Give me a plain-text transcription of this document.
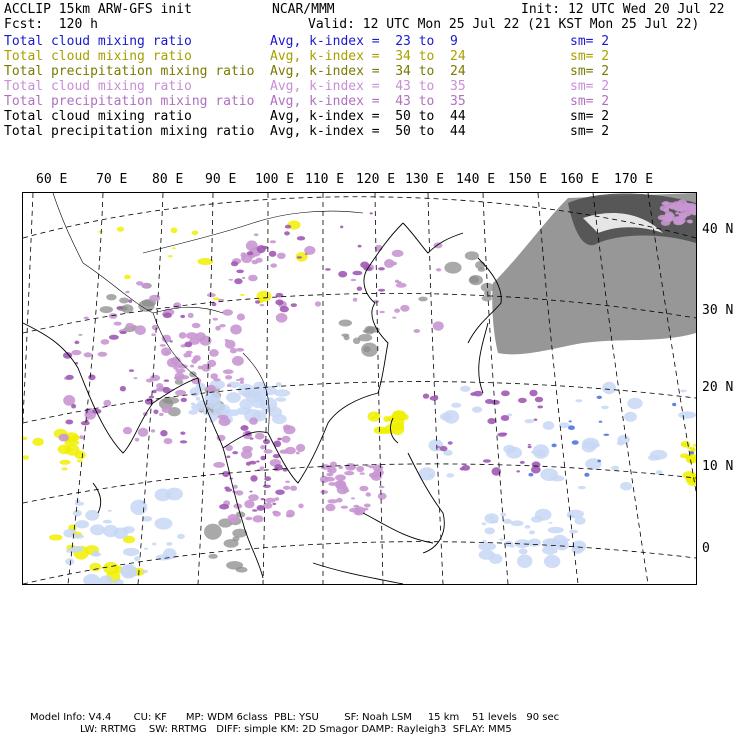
ACCLIP 15km ARW-GFS init	NCAR/MMM	Init: 12 UTC Wed 20 Jul 22
Fcst:  120 h	Valid: 12 UTC Mon 25 Jul 22 (21 KST Mon 25 Jul 22)
Total cloud mixing ratio	Avg, k-index =  23 to  9	sm= 2
Total cloud mixing ratio	Avg, k-index =  34 to  24	sm= 2
Total precipitation mixing ratio Avg, k-index =  34 to  24	sm= 2
Total cloud mixing ratio	Avg, k-index =  43 to  35	sm= 2
Total precipitation mixing ratio Avg, k-index =  43 to  35	sm= 2
Total cloud mixing ratio	Avg, k-index =  50 to  44	sm= 2
Total precipitation mixing ratio Avg, k-index =  50 to  44	sm= 2
60 E 70 E 80 E 90 E 100 E 110 E 120 E 130 E 140 E 150 E 160 E 170 E
40 N
30 N
20 N
10 N
0
Model Info: V4.4       CU: KF      MP: WDM 6class  PBL: YSU        SF: Noah LSM     15 km    51 levels   90 sec
LW: RRTMG    SW: RRTMG   DIFF: simple KM: 2D Smagor DAMP: Rayleigh3  SFLAY: MM5
